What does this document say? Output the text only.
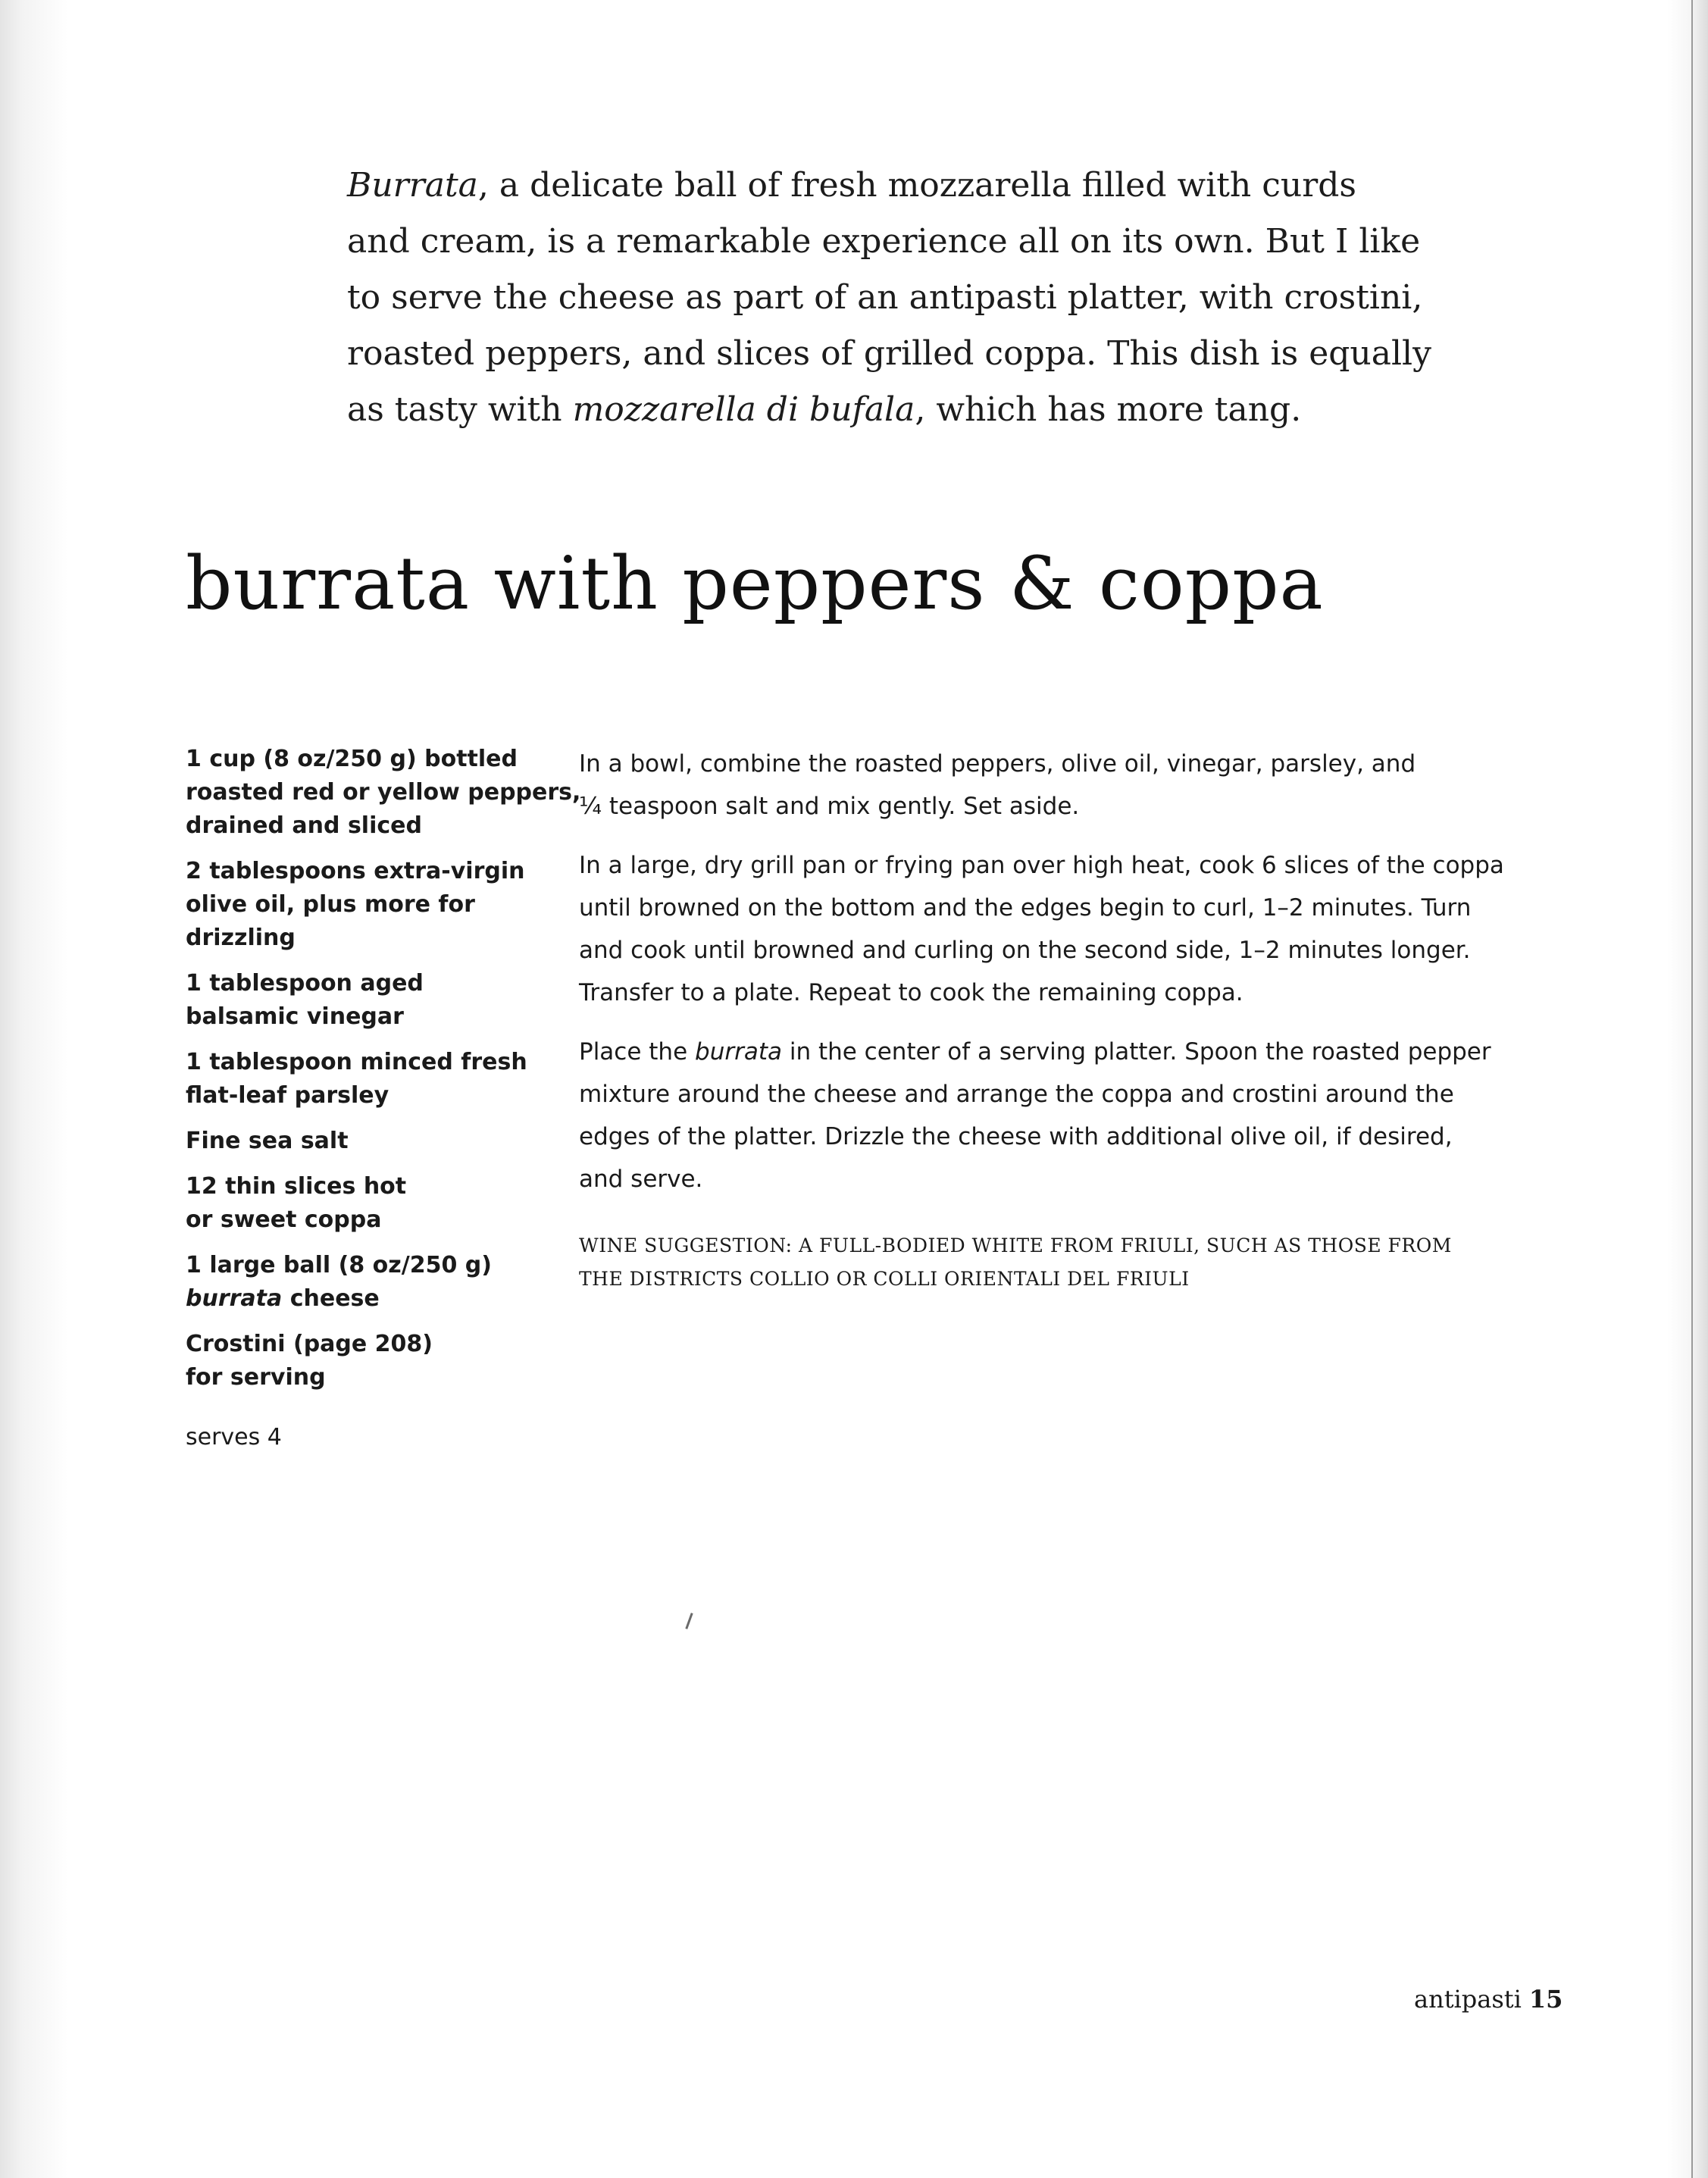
Burrata, a delicate ball of fresh mozzarella filled with curds
and cream, is a remarkable experience all on its own. But I like
to serve the cheese as part of an antipasti platter, with crostini,
roasted peppers, and slices of grilled coppa. This dish is equally
as tasty with mozzarella di bufala, which has more tang.

burrata with peppers & coppa
1 cup (8 oz/250 g) bottled
roasted red or yellow peppers,
drained and sliced
2 tablespoons extra-virgin
olive oil, plus more for
drizzling
1 tablespoon aged
balsamic vinegar
1 tablespoon minced fresh
flat-leaf parsley
Fine sea salt
12 thin slices hot
or sweet coppa
1 large ball (8 oz/250 g)
burrata cheese
Crostini (page 208)
for serving

serves 4

In a bowl, combine the roasted peppers, olive oil, vinegar, parsley, and
¼ teaspoon salt and mix gently. Set aside.

In a large, dry grill pan or frying pan over high heat, cook 6 slices of the coppa
until browned on the bottom and the edges begin to curl, 1–2 minutes. Turn
and cook until browned and curling on the second side, 1–2 minutes longer.
Transfer to a plate. Repeat to cook the remaining coppa.

Place the burrata in the center of a serving platter. Spoon the roasted pepper
mixture around the cheese and arrange the coppa and crostini around the
edges of the platter. Drizzle the cheese with additional olive oil, if desired,
and serve.

WINE SUGGESTION: A FULL-BODIED WHITE FROM FRIULI, SUCH AS THOSE FROM
THE DISTRICTS COLLIO OR COLLI ORIENTALI DEL FRIULI

antipasti 15
